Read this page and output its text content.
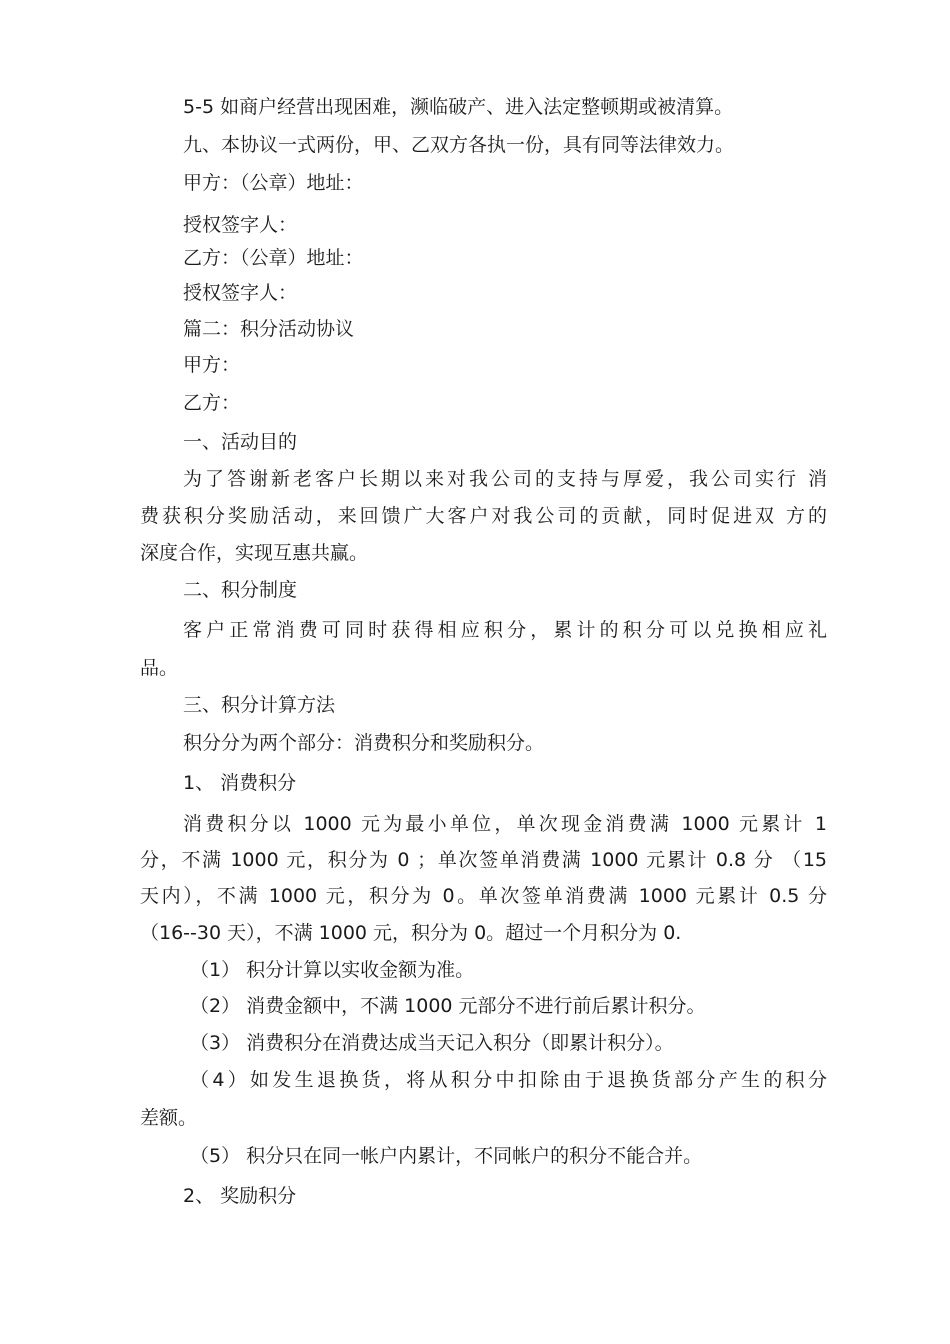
5-5 如商户经营出现困难，濒临破产、进入法定整顿期或被清算。

九、本协议一式两份，甲、乙双方各执一份，具有同等法律效力。

甲方：（公章）地址：

授权签字人：

乙方：（公章）地址：

授权签字人：

篇二：积分活动协议

甲方：

乙方：

一、活动目的

为了答谢新老客户长期以来对我公司的支持与厚爱，我公司实行 消

费获积分奖励活动，来回馈广大客户对我公司的贡献，同时促进双 方的

深度合作，实现互惠共赢。

二、积分制度

客户正常消费可同时获得相应积分，累计的积分可以兑换相应礼

品。

三、积分计算方法

积分分为两个部分：消费积分和奖励积分。

1、 消费积分

消费积分以 1000 元为最小单位，单次现金消费满 1000 元累计 1

分，不满 1000 元，积分为 0 ；单次签单消费满 1000 元累计 0.8 分 （15

天内），不满 1000 元，积分为 0。单次签单消费满 1000 元累计 0.5 分

（16--30 天），不满 1000 元，积分为 0。超过一个月积分为 0.

（1） 积分计算以实收金额为准。

（2） 消费金额中，不满 1000 元部分不进行前后累计积分。

（3） 消费积分在消费达成当天记入积分（即累计积分）。

（4）如发生退换货，将从积分中扣除由于退换货部分产生的积分

差额。

（5） 积分只在同一帐户内累计，不同帐户的积分不能合并。

2、 奖励积分
